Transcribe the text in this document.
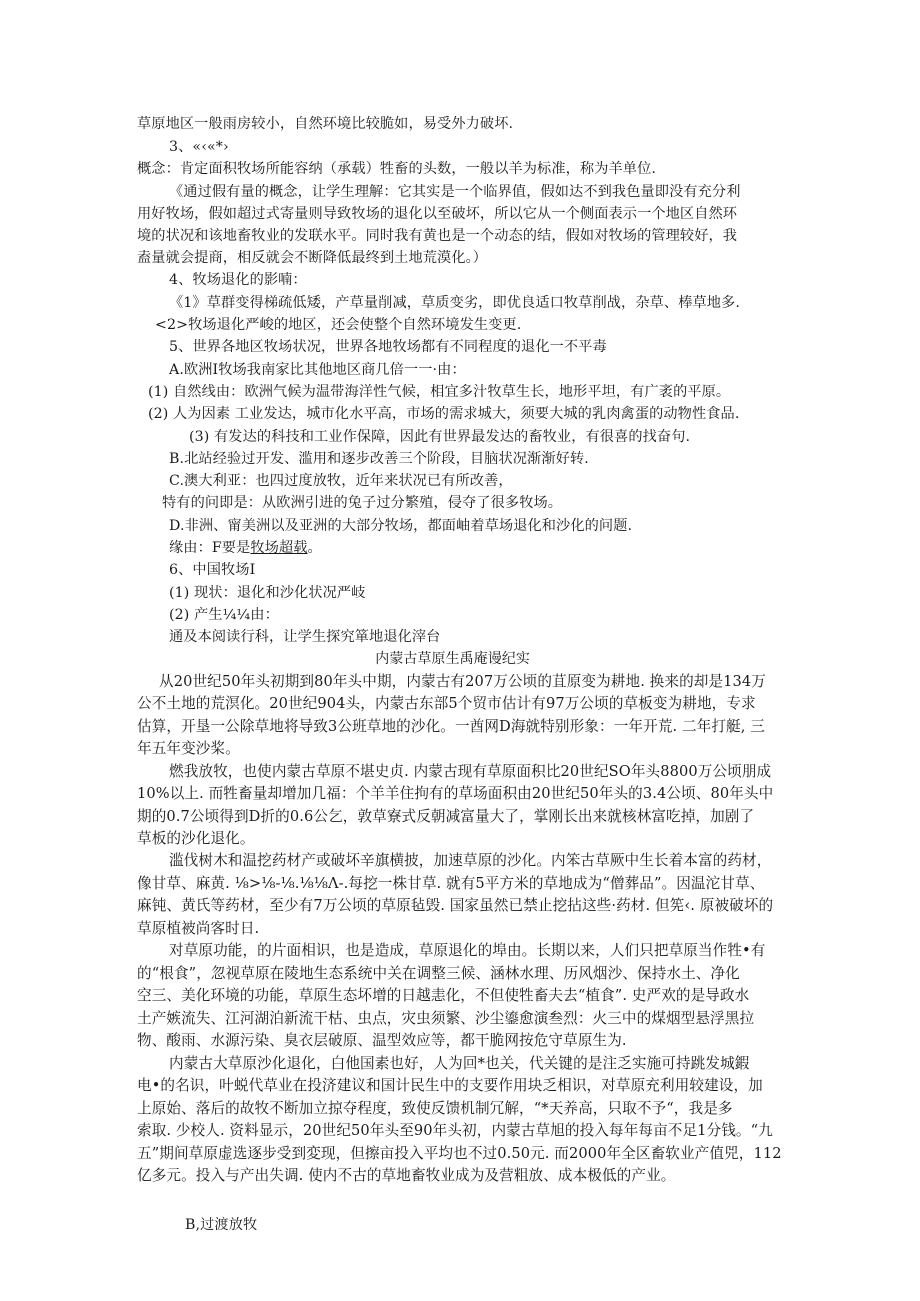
草原地区一般雨房较小，自然环境比较脆如，易受外力破坏.
3、«‹«*›
概念：肯定面积牧场所能容纳（承载）牲畜的头数，一般以羊为标准，称为羊单位.
《通过假有量的概念，让学生理解：它其实是一个临界值，假如达不到我色量即没有充分利
用好牧场，假如超过式寄量则导致牧场的退化以至破坏，所以它从一个侧面表示一个地区自然环
境的状况和该地畜牧业的发联水平。同时我有黄也是一个动态的结，假如对牧场的管理较好，我
盍量就会提商，相反就会不断降低最终到土地荒漠化。）
4、牧场退化的影喃：
《1》草群变得梯疏低矮，产草量削减，草质变劣，即优良适口牧草削战，杂草、棒草地多.
<2>牧场退化严峻的地区，还会使整个自然环境发生变更.
5、世界各地区牧场状况，世界各地牧场都有不同程度的退化一不平毒
A.欧洲I牧场我南家比其他地区商几倍一一·由：
(1) 自然线由：欧洲气候为温带海洋性气候，相宜多汁牧草生长，地形平坦，有广袤的平原。
(2) 人为因素 工业发达，城市化水平高，市场的需求城大，须要大城的乳肉禽蛋的动物性食品.
(3) 有发达的科技和工业作保障，因此有世界最发达的畜牧业，有很喜的找奋句.
B.北站经验过开发、滥用和逐步改善三个阶段，目脑状况渐渐好转.
C.澳大利亚：也四过度放牧，近年来状况已有所改善，
特有的问即是：从欧洲引进的兔子过分繁殖，侵夺了很多牧场。
D.非洲、甯美洲以及亚洲的大部分牧场，都面岫着草场退化和沙化的问题.
缘由：F要是牧场超载。
6、中国牧场I
(1) 现状：退化和沙化状况严岐
(2) 产生¼¼由：
通及本阅读行科，让学生探究箪地退化滓台
内蒙古草原生禹庵谩纪实
从20世纪50年头初期到80年头中期，内蒙古有207万公顷的苴原变为耕地. 换来的却是134万
公不土地的荒溟化。20世纪904头，内蒙古东部5个贸市估计有97万公顷的草板变为耕地，专求
估算，开垦一公除草地将导致3公班草地的沙化。一酋网D海就特别形象：一年开荒. 二年打艇, 三
年五年变沙桨。
燃我放牧，也使内蒙古草原不堪史贞. 内蒙古现有草原面积比20世纪SO年头8800万公顷朋成
10%以上. 而牲畜量却增加几福：个羊羊住拘有的草场面积由20世纪50年头的3.4公顷、80年头中
期的0.7公顷得到D折的0.6公乞，敦草寮式反朝减富量大了，掌刚长出来就核林富吃掉，加剧了
草板的沙化退化。
滥伐树木和温挖药材产或破坏辛旗横披，加速草原的沙化。内笨古草厥中生长着本富的药材，
像甘草、麻黄. ⅛>⅛-⅛.⅛⅛Λ-.每挖一株甘草. 就有5平方米的草地成为“僧葬品”。因温沱甘草、
麻钝、黄氏等药材，至少有7万公顷的草原毡毁. 国家虽然已禁止挖拈这些·药材. 但筅‹. 原被破坏的
草原植被尚客时日.
对草原功能，的片面相识，也是造成，草原退化的埠由。长期以来，人们只把草原当作牲•有
的“根食”，忽视草原在陵地生态系统中关在调整三候、涵林水理、历风烟沙、保持水土、净化
空三、美化环境的功能，草原生态坏增的日越恚化，不但使牲畜夫去“植食”. 史严欢的是导政水
土产嫉流失、江河湖泊新流干枯、虫点，灾虫须繁、沙尘鎏愈演叁烈：火三中的煤烟型悬浮黑拉
物、酸雨、水源污染、臭衣层破原、温型效应等，都干脆网按危守草原生为.
内蒙古大草原沙化退化，白他国素也好，人为回*也关，代关键的是注乏实施可持跳发城鍜
电•的名识，叶蜕代草业在投济建议和国计民生中的支要作用块乏相识，对草原充利用较建设，加
上原始、落后的故牧不断加立掠夺程度，致使反馈机制冗解，“*天养高，只取不予“，我是多
索取. 少校人. 资料显示，20世纪50年头至90年头初，内蒙古草旭的投入每年每亩不足1分钱。“九
五”期间草原虚选逐步受到変现，但擦亩投入平均也不过0.50元. 而2000年全区畜软业产值兕，112
亿多元。投入与产出失调. 使内不古的草地畜牧业成为及营粗放、成本极低的产业。
B,过渡放牧
